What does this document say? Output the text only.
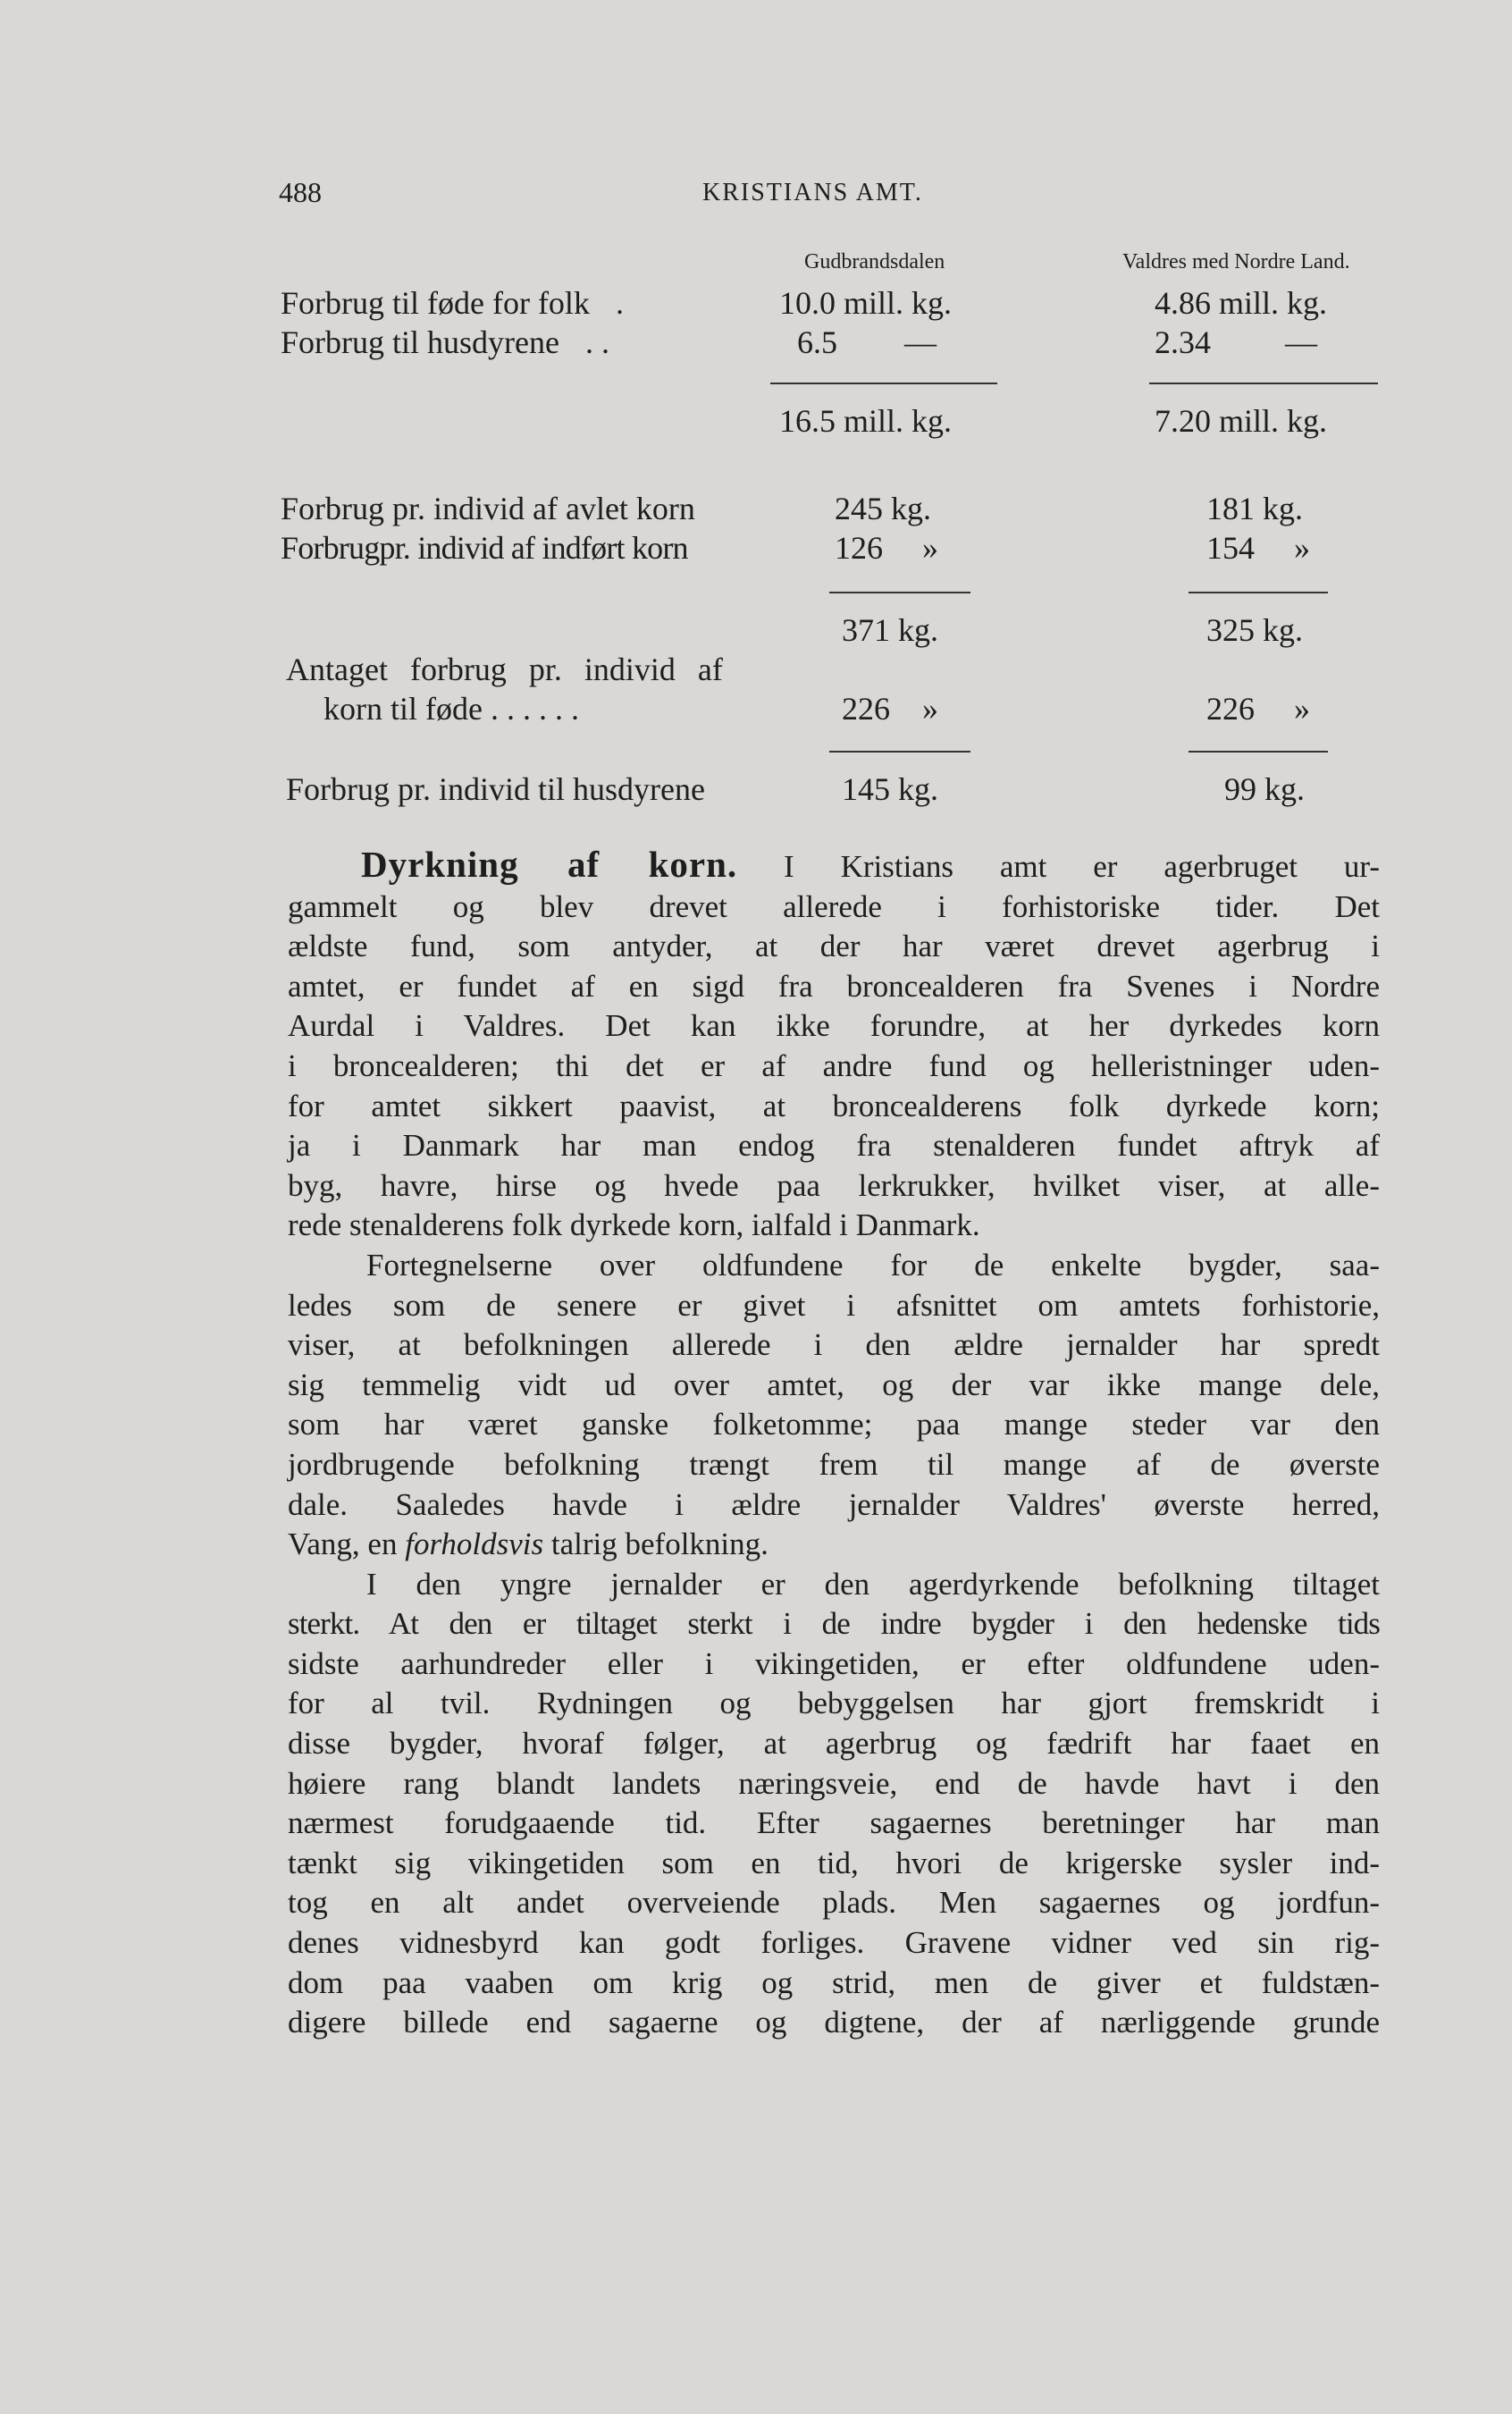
488	KRISTIANS AMT.
Gudbrandsdalen	Valdres med Nordre Land.
Forbrug til føde for folk .	10.0 mill. kg.	4.86 mill. kg.
Forbrug til husdyrene . .	6.5 —	2.34 —
16.5 mill. kg.	7.20 mill. kg.
Forbrug pr. individ af avlet korn	245 kg.	181 kg.
Forbrugpr. individ af indført korn	126 »	154 »
371 kg.	325 kg.
Antaget forbrug pr. individ af
korn til føde . . . . . .	226 »	226 »
Forbrug pr. individ til husdyrene	145 kg.	99 kg.

Dyrkning af korn. I Kristians amt er agerbruget ur-
gammelt og blev drevet allerede i forhistoriske tider. Det
ældste fund, som antyder, at der har været drevet agerbrug i
amtet, er fundet af en sigd fra broncealderen fra Svenes i Nordre
Aurdal i Valdres. Det kan ikke forundre, at her dyrkedes korn
i broncealderen; thi det er af andre fund og helleristninger uden-
for amtet sikkert paavist, at broncealderens folk dyrkede korn;
ja i Danmark har man endog fra stenalderen fundet aftryk af
byg, havre, hirse og hvede paa lerkrukker, hvilket viser, at alle-
rede stenalderens folk dyrkede korn, ialfald i Danmark.

Fortegnelserne over oldfundene for de enkelte bygder, saa-
ledes som de senere er givet i afsnittet om amtets forhistorie,
viser, at befolkningen allerede i den ældre jernalder har spredt
sig temmelig vidt ud over amtet, og der var ikke mange dele,
som har været ganske folketomme; paa mange steder var den
jordbrugende befolkning trængt frem til mange af de øverste
dale. Saaledes havde i ældre jernalder Valdres' øverste herred,
Vang, en forholdsvis talrig befolkning.

I den yngre jernalder er den agerdyrkende befolkning tiltaget
sterkt. At den er tiltaget sterkt i de indre bygder i den hedenske tids
sidste aarhundreder eller i vikingetiden, er efter oldfundene uden-
for al tvil. Rydningen og bebyggelsen har gjort fremskridt i
disse bygder, hvoraf følger, at agerbrug og fædrift har faaet en
høiere rang blandt landets næringsveie, end de havde havt i den
nærmest forudgaaende tid. Efter sagaernes beretninger har man
tænkt sig vikingetiden som en tid, hvori de krigerske sysler ind-
tog en alt andet overveiende plads. Men sagaernes og jordfun-
denes vidnesbyrd kan godt forliges. Gravene vidner ved sin rig-
dom paa vaaben om krig og strid, men de giver et fuldstæn-
digere billede end sagaerne og digtene, der af nærliggende grunde
